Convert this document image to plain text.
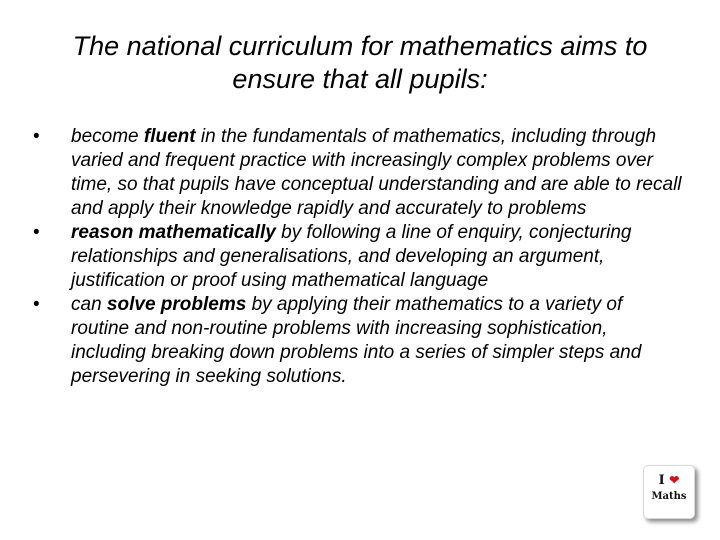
The national curriculum for mathematics aims to
ensure that all pupils:
• become fluent in the fundamentals of mathematics, including through varied and frequent practice with increasingly complex problems over time, so that pupils have conceptual understanding and are able to recall and apply their knowledge rapidly and accurately to problems
• reason mathematically by following a line of enquiry, conjecturing relationships and generalisations, and developing an argument, justification or proof using mathematical language
• can solve problems by applying their mathematics to a variety of routine and non-routine problems with increasing sophistication, including breaking down problems into a series of simpler steps and persevering in seeking solutions.
I ❤
Maths
